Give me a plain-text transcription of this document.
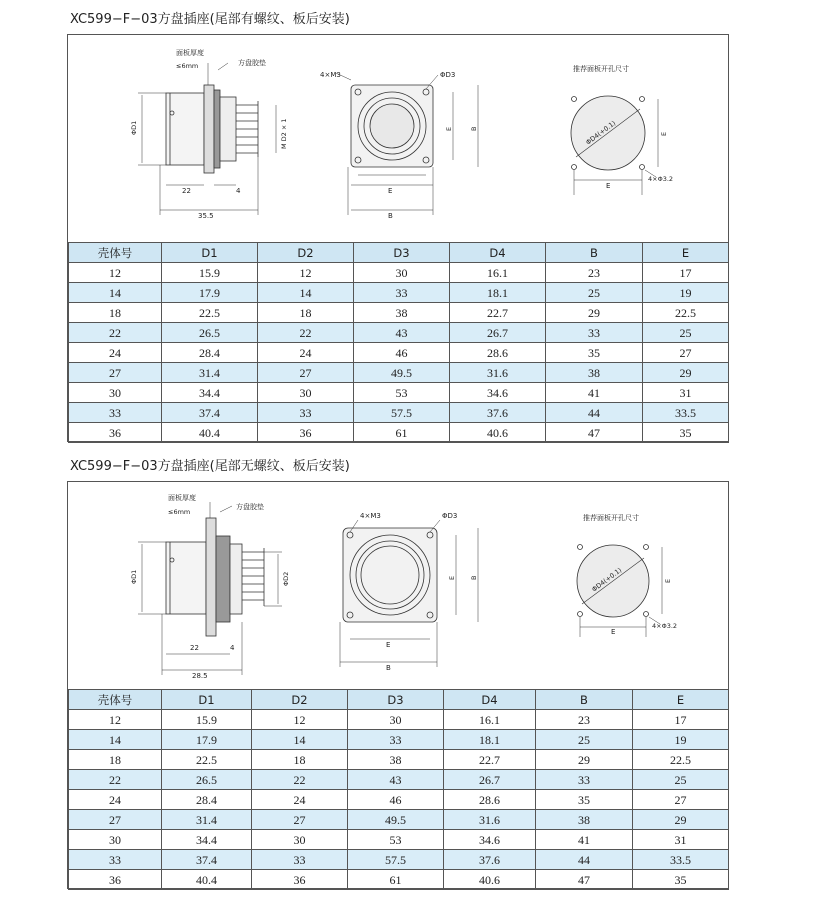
XC599−F−03方盘插座(尾部有螺纹、板后安装)
面板厚度
≤6mm	方盘胶垫
4×M3	ΦD3
推荐面板开孔尺寸
4×Φ3.2
ΦD1	M D2 × 1
22	4
35.5
E
B
E	B
E
E
ΦD4(+0.1)
壳体号	D1	D2	D3	D4	B	E
12	15.9	12	30	16.1	23	17
14	17.9	14	33	18.1	25	19
18	22.5	18	38	22.7	29	22.5
22	26.5	22	43	26.7	33	25
24	28.4	24	46	28.6	35	27
27	31.4	27	49.5	31.6	38	29
30	34.4	30	53	34.6	41	31
33	37.4	33	57.5	37.6	44	33.5
36	40.4	36	61	40.6	47	35
XC599−F−03方盘插座(尾部无螺纹、板后安装)
面板厚度
≤6mm
方盘胶垫
4×M3	ΦD3	推荐面板开孔尺寸
4×Φ3.2
ΦD1	ΦD2
22	4
28.5
E
B
E B
E
E
ΦD4(+0.1)
壳体号	D1	D2	D3	D4	B	E
12	15.9	12	30	16.1	23	17
14	17.9	14	33	18.1	25	19
18	22.5	18	38	22.7	29	22.5
22	26.5	22	43	26.7	33	25
24	28.4	24	46	28.6	35	27
27	31.4	27	49.5	31.6	38	29
30	34.4	30	53	34.6	41	31
33	37.4	33	57.5	37.6	44	33.5
36	40.4	36	61	40.6	47	35
